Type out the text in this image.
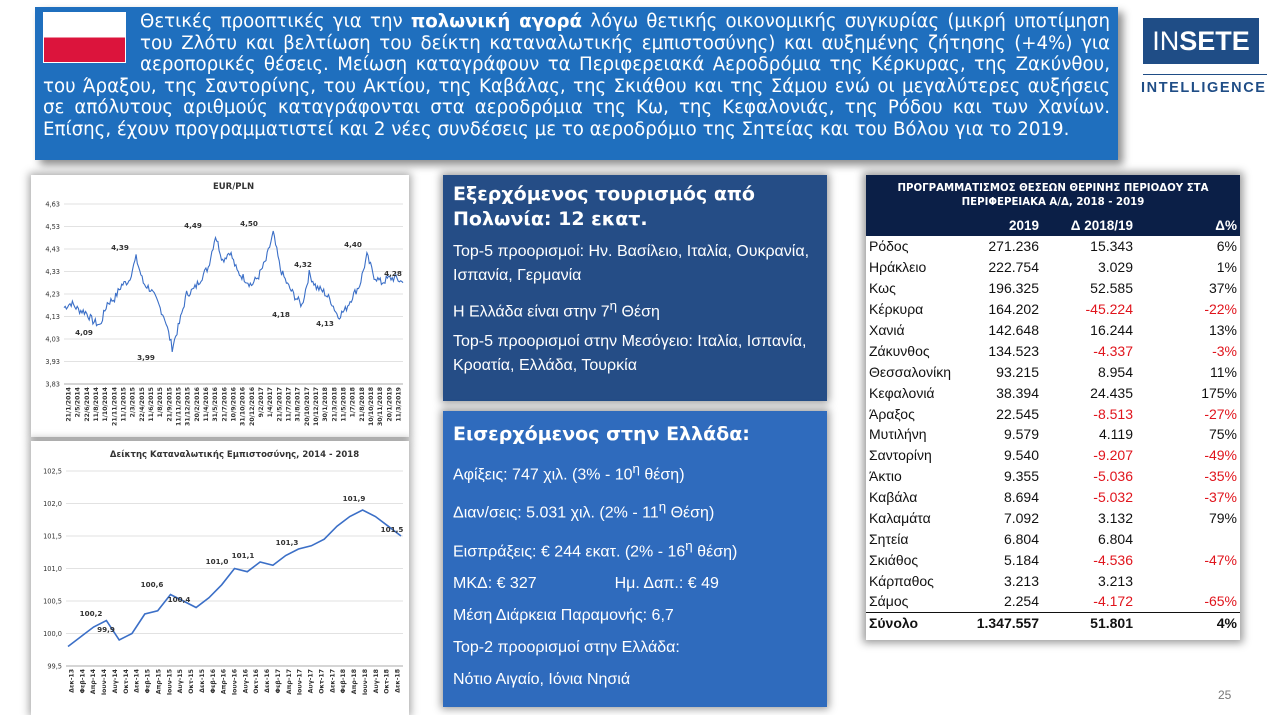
Θετικές προοπτικές για την πολωνική αγορά λόγω θετικής οικονομικής συγκυρίας (μικρή υποτίμηση του Ζλότυ και βελτίωση του δείκτη καταναλωτικής εμπιστοσύνης) και αυξημένης ζήτησης (+4%) για αεροπορικές θέσεις. Μείωση καταγράφουν τα Περιφερειακά Αεροδρόμια της Κέρκυρας, της Ζακύνθου, του Άραξου, της Σαντορίνης, του Ακτίου, της Καβάλας, της Σκιάθου και της Σάμου ενώ οι μεγαλύτερες αυξήσεις σε απόλυτους αριθμούς καταγράφονται στα αεροδρόμια της Κω, της Κεφαλονιάς, της Ρόδου και των Χανίων. Επίσης, έχουν προγραμματιστεί και 2 νέες συνδέσεις με το αεροδρόμιο της Σητείας και του Βόλου για το 2019.
INSETE
INTELLIGENCE
EUR/PLN
4,63
4,53
4,43
4,33
4,23
4,13
4,03
3,93
3,83
21/1/2014 2/5/2014 22/6/2014 11/8/2014 1/10/2014 21/11/2014 11/1/2015 2/3/2015 22/4/2015 11/6/2015 1/8/2015 21/9/2015 11/11/2015 31/12/2015 20/2/2016 11/4/2016 31/5/2016 21/7/2016 10/9/2016 31/10/2016 20/12/2016 9/2/2017 1/4/2017 21/5/2017 11/7/2017 31/8/2017 20/10/2017 10/12/2017 30/1/2018 21/3/2018 11/5/2018 1/7/2018 21/8/2018 10/10/2018 30/11/2018 20/1/2019 11/3/2019
4,09
4,39
4,49	4,50
3,99
4,40
4,32
4,18
4,13
4,28
Δείκτης Καταναλωτικής Εμπιστοσύνης, 2014 - 2018
102,5
102,0
101,5
101,0
100,5
100,0
99,5
Δεκ-13 Φεβ-14 Απρ-14 Ιουν-14 Αυγ-14 Οκτ-14 Δεκ-14 Φεβ-15 Απρ-15 Ιουν-15 Αυγ-15 Οκτ-15 Δεκ-15 Φεβ-16 Απρ-16 Ιουν-16 Αυγ-16 Οκτ-16 Δεκ-16 Φεβ-17 Απρ-17 Ιουν-17 Αυγ-17 Οκτ-17 Δεκ-17 Φεβ-18 Απρ-18 Ιουν-18 Αυγ-18 Οκτ-18 Δεκ-18
100,2
99,9
100,6
100,4
101,0
101,1
101,3
101,9
101,5
Εξερχόμενος τουρισμός από Πολωνία: 12 εκατ.

Top-5 προορισμοί: Ην. Βασίλειο, Ιταλία, Ουκρανία, Ισπανία, Γερμανία

Η Ελλάδα είναι στην $7^\eta$ Θέση

Top-5 προορισμοί στην Μεσόγειο: Ιταλία, Ισπανία, Κροατία, Ελλάδα, Τουρκία

Εισερχόμενος στην Ελλάδα:

Αφίξεις: 747 χιλ. ($3\% - 10^\eta$ θέση)

Διαν/σεις: 5.031 χιλ. ($2\% - 11^\eta$ Θέση)

Εισπράξεις: € 244 εκατ. ($2\% - 16^\eta$ θέση)

ΜΚΔ: € 327	Ημ. Δαπ.: € 49

Μέση Διάρκεια Παραμονής: 6,7

Top-2 προορισμοί στην Ελλάδα:

Νότιο Αιγαίο, Ιόνια Νησιά

ΠΡΟΓΡΑΜΜΑΤΙΣΜΟΣ ΘΕΣΕΩΝ ΘΕΡΙΝΗΣ ΠΕΡΙΟΔΟΥ ΣΤΑ ΠΕΡΙΦΕΡΕΙΑΚΑ Α/Δ, 2018 - 2019
	2019	Δ 2018/19	Δ%
Ρόδος	271.236	15.343	6%
Ηράκλειο	222.754	3.029	1%
Κως	196.325	52.585	37%
Κέρκυρα	164.202	-45.224	-22%
Χανιά	142.648	16.244	13%
Ζάκυνθος	134.523	-4.337	-3%
Θεσσαλονίκη	93.215	8.954	11%
Κεφαλονιά	38.394	24.435	175%
Άραξος	22.545	-8.513	-27%
Μυτιλήνη	9.579	4.119	75%
Σαντορίνη	9.540	-9.207	-49%
Άκτιο	9.355	-5.036	-35%
Καβάλα	8.694	-5.032	-37%
Καλαμάτα	7.092	3.132	79%
Σητεία	6.804	6.804	
Σκιάθος	5.184	-4.536	-47%
Κάρπαθος	3.213	3.213	
Σάμος	2.254	-4.172	-65%
Σύνολο	1.347.557	51.801	4%
25
